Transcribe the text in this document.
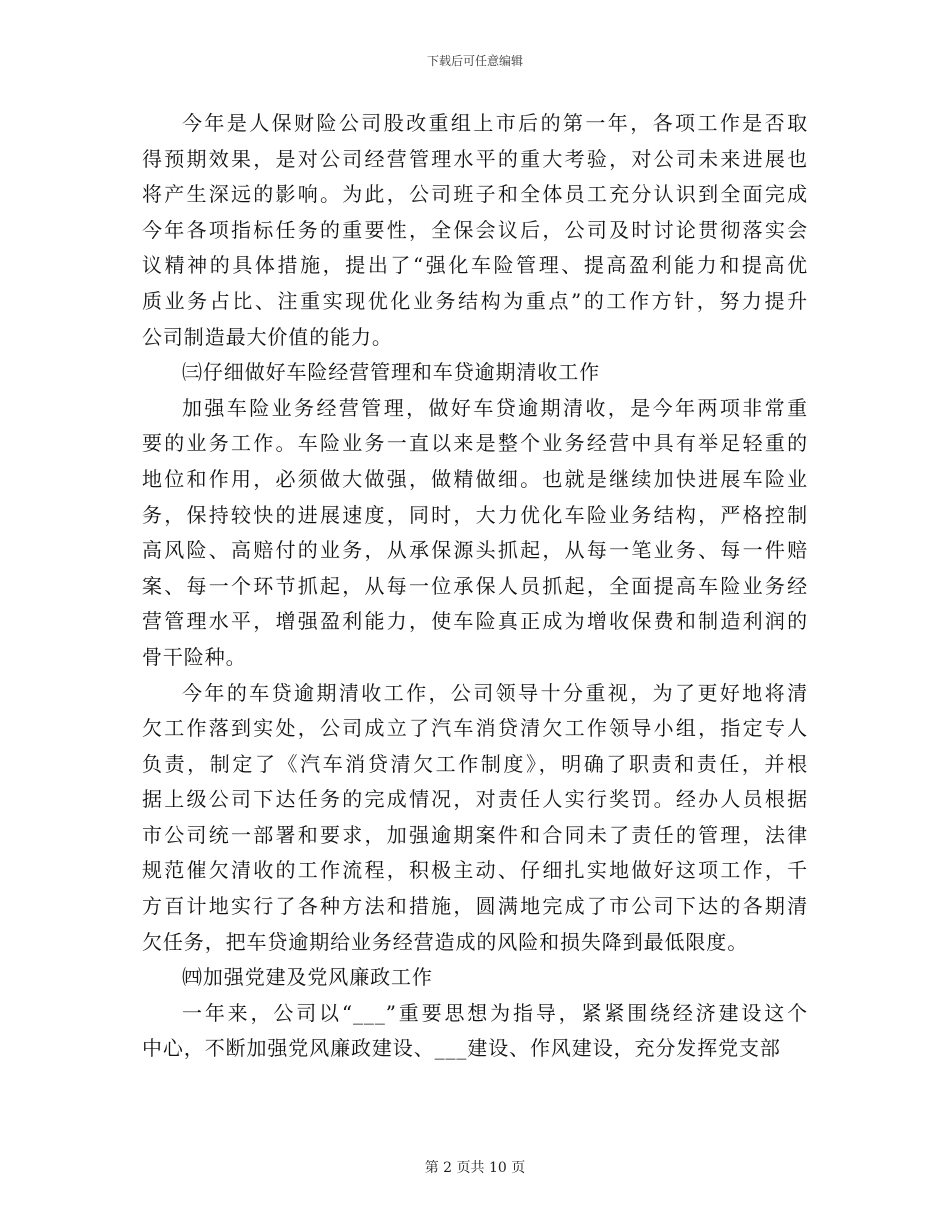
下载后可任意编辑
今年是人保财险公司股改重组上市后的第一年，各项工作是否取
得预期效果，是对公司经营管理水平的重大考验，对公司未来进展也
将产生深远的影响。为此，公司班子和全体员工充分认识到全面完成
今年各项指标任务的重要性，全保会议后，公司及时讨论贯彻落实会
议精神的具体措施，提出了“强化车险管理、提高盈利能力和提高优
质业务占比、注重实现优化业务结构为重点”的工作方针，努力提升
公司制造最大价值的能力。
㈢仔细做好车险经营管理和车贷逾期清收工作
加强车险业务经营管理，做好车贷逾期清收，是今年两项非常重
要的业务工作。车险业务一直以来是整个业务经营中具有举足轻重的
地位和作用，必须做大做强，做精做细。也就是继续加快进展车险业
务，保持较快的进展速度，同时，大力优化车险业务结构，严格控制
高风险、高赔付的业务，从承保源头抓起，从每一笔业务、每一件赔
案、每一个环节抓起，从每一位承保人员抓起，全面提高车险业务经
营管理水平，增强盈利能力，使车险真正成为增收保费和制造利润的
骨干险种。
今年的车贷逾期清收工作，公司领导十分重视，为了更好地将清
欠工作落到实处，公司成立了汽车消贷清欠工作领导小组，指定专人
负责，制定了《汽车消贷清欠工作制度》，明确了职责和责任，并根
据上级公司下达任务的完成情况，对责任人实行奖罚。经办人员根据
市公司统一部署和要求，加强逾期案件和合同未了责任的管理，法律
规范催欠清收的工作流程，积极主动、仔细扎实地做好这项工作，千
方百计地实行了各种方法和措施，圆满地完成了市公司下达的各期清
欠任务，把车贷逾期给业务经营造成的风险和损失降到最低限度。
㈣加强党建及党风廉政工作
一年来，公司以“___”重要思想为指导，紧紧围绕经济建设这个
中心，不断加强党风廉政建设、___建设、作风建设，充分发挥党支部
第 2 页共 10 页
